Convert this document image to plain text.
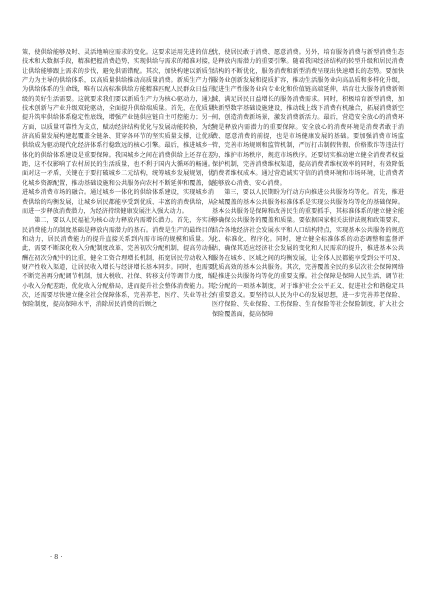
策，使供给能够及时、灵活地响应需求的变化。这要求运用先进的信息技术和大数据手段，精准把握消费趋势，实现供给与需求的精准对接，让供给能够跟上需求的步伐，避免供需错配。其次，加快构建以新质生产力为主导的供给体系，以高质量供给推动高质量消费。新质生产力作为供给体系的生命线，唯有以高标准供给方能精准匹配人民群众日益升级的美好生活需要。这就要求我们要以新质生产力为核心驱动力，通过技术创新与产业升级双轮驱动，全面提升供给端质量。首先，在优质量提升筑牢供给体系稳定性底线，增强产业链供应链自主可控能力；另一方面，以质量可靠性为支点，赋动经济结构优化与发展动能转换，为经济高质量发展构建起覆盖全链条、贯穿各环节的坚实质量支撑，让优质供给成为驱动现代化经济体系行稳致远的核心引擎。最后，推进城乡一体化的供给体系建设是重要保障。我国城乡之间在消费供给上还存在差距，这不仅影响了农村居民的生活质量，也不利于国内大循环的畅通。面对这一矛盾，关键在于要打破城乡二元结构，统筹城乡发展规划，优化城乡资源配置，推动基础设施和公共服务向农村不断延伸和覆盖，促进城乡消费市场的融合。通过城乡一体化的供给体系建设，实现城乡消费供给的均衡发展，让城乡居民都能享受到优质、丰富的消费供给，从而进一步释放消费潜力，为经济持续健康发展注入强大动力。

第二，要以人民福祉为核心动力释放内需增长潜力。首先，夯实居民消费能力的制度基础是释放内需潜力的基石。消费是生产的最终目的和动力，居民消费能力的提升直接关系到内需市场的规模和质量。为此，需要不断深化收入分配制度改革，完善初次分配机制，提高劳动报酬在初次分配中的比重，健全工资合理增长机制，拓宽居民劳动收入和财产性收入渠道，让居民收入增长与经济增长基本同步。同时，也需要不断完善再分配调节机制，加大税收、社保、转移支付等调节力度，缩小收入分配差距，优化收入分配格局，进而提升社会整体消费能力。其次，还需要尽快建立健全社会保障体系，完善养老、医疗、失业等社会保险制度，提高保障水平，消除居民消费的后顾之

忧，使居民敢于消费、愿意消费。另外，培育服务消费与新型消费生态是释放内需潜力的重要引擎。随着我国经济结构的转型升级和居民消费结构的不断优化，服务消费和新型消费呈现出快速增长的态势。要加快服务业创新发展和提质扩容，推动生活服务业向高品质和多样化升级，促进生产性服务业向专业化和价值链高端延伸，培育壮大服务消费新领域，满足居民日益增长的服务消费需求。同时，积极培育新型消费，加快新型数字基础设施建设，推动线上线下消费有机融合，拓展消费新空间，创造消费新场景，激发消费新活力。最后，营造安全放心的消费环境是释放内需潜力的重要保障。安全放心的消费环境是消费者敢于消费、愿意消费的前提，也是市场健康发展的基础。要加强消费市场监管，完善市场规则和监管机制，严厉打击制假售假、价格欺诈等违法行为，维护市场秩序，规范市场秩序。还要切实推动建立健全消费者权益保护机制，完善消费维权渠道，提高消费者维权效率的同时，有效降低消费者维权成本。通过营造诚实守信的消费环境和市场环境，让消费者能够放心消费、安心消费。

第三，要以人民期盼为行动方向推进公共服务均等化。首先，推进全城覆盖的基本公共服务标准体系是实现公共服务均等化的基础保障。基本公共服务是保障和改善民生的重要抓手，其标准体系的建立健全能够确保公共服务的覆盖和质量。要依据国家相关法律法规和政策要求，结合各地经济社会发展水平和人口结构特点，实现基本公共服务的规范化、标准化、程序化。同时，建立健全标准体系的动态调整和监督评估，确保其适应经济社会发展的变化和人民需求的提升，推进基本公共服务在城乡、区域之间的均衡发展，让全体人民都能享受到公平可及、优质高效的基本公共服务。其次，完善覆盖全民的多层次社会保障网络是推进公共服务均等化的重要支撑。社会保障是保障人民生活、调节社会分配的一项基本制度，对于维护社会公平正义、促进社会和谐稳定具有重要意义。要坚持以人民为中心的发展思想，进一步完善养老保险、医疗保险、失业保险、工伤保险、生育保险等社会保险制度，扩大社会保险覆盖面，提高保障

· 8 ·
